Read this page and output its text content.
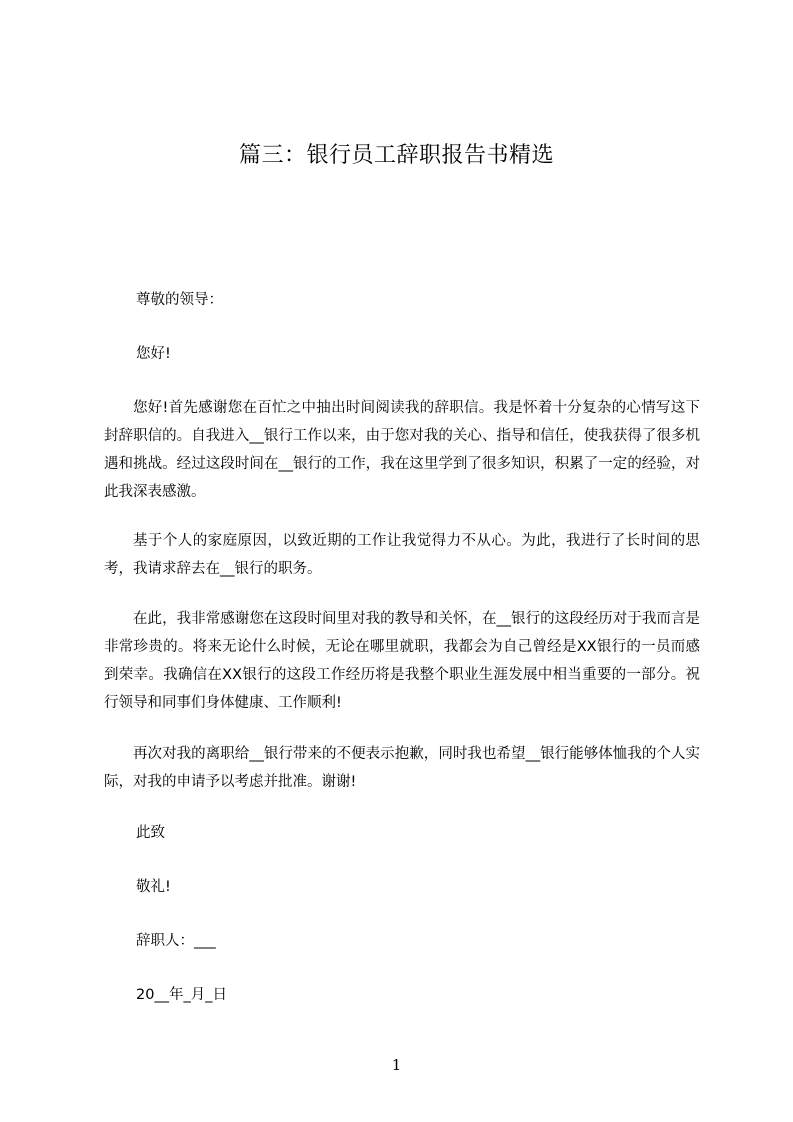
篇三：银行员工辞职报告书精选
尊敬的领导：
您好!
您好!首先感谢您在百忙之中抽出时间阅读我的辞职信。我是怀着十分复杂的心情写这下封辞职信的。自我进入__银行工作以来，由于您对我的关心、指导和信任，使我获得了很多机遇和挑战。经过这段时间在__银行的工作，我在这里学到了很多知识，积累了一定的经验，对此我深表感激。
基于个人的家庭原因，以致近期的工作让我觉得力不从心。为此，我进行了长时间的思考，我请求辞去在__银行的职务。
在此，我非常感谢您在这段时间里对我的教导和关怀，在__银行的这段经历对于我而言是非常珍贵的。将来无论什么时候，无论在哪里就职，我都会为自己曾经是XX银行的一员而感到荣幸。我确信在XX银行的这段工作经历将是我整个职业生涯发展中相当重要的一部分。祝行领导和同事们身体健康、工作顺利!
再次对我的离职给__银行带来的不便表示抱歉，同时我也希望__银行能够体恤我的个人实际，对我的申请予以考虑并批准。谢谢!
此致
敬礼!
辞职人：___
20__年_月_日
1
